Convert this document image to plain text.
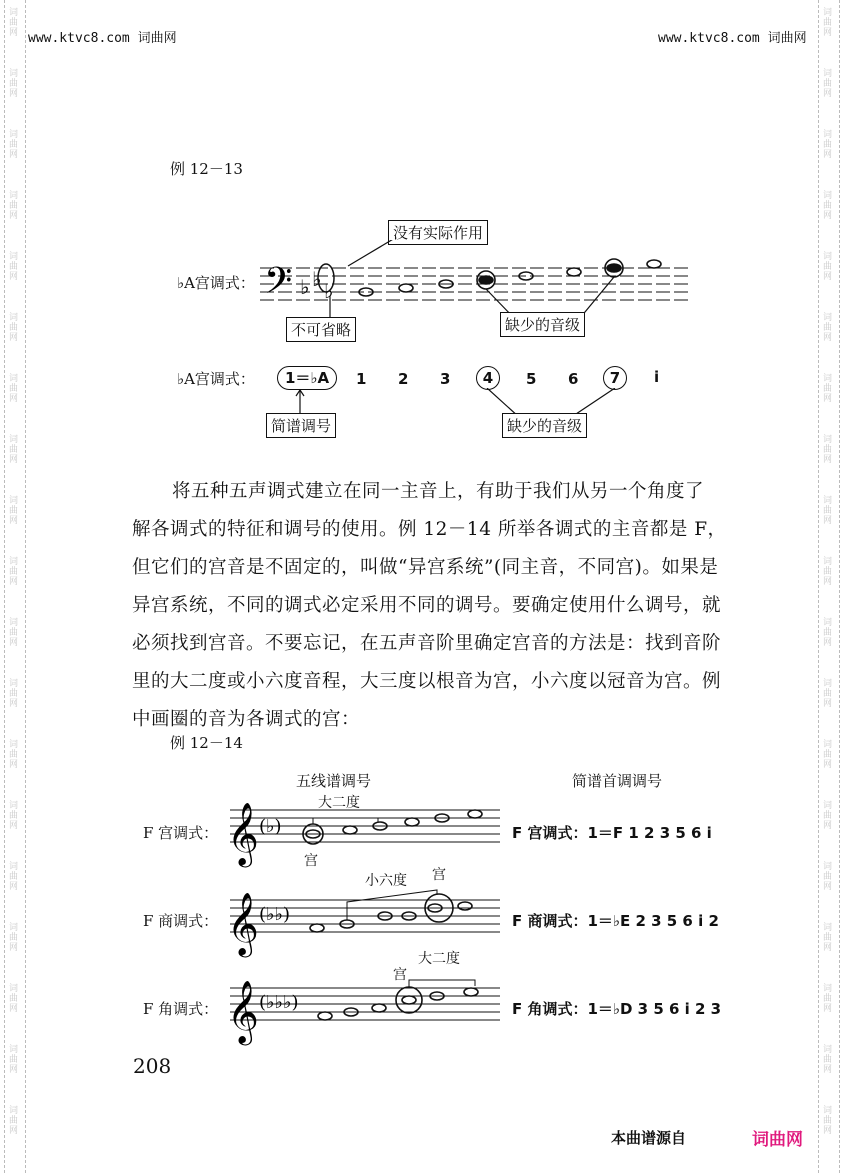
词
曲
网
词
曲
网
词
曲
网
词
曲
网
词
曲
网
词
曲
网
词
曲
网
词
曲
网
词
曲
网
词
曲
网
词
曲
网
词
曲
网
词
曲
网
词
曲
网
词
曲
网
词
曲
网
词
曲
网
词
曲
网
词
曲
网
词
曲
网
词
曲
网
词
曲
网
词
曲
网
词
曲
网
词
曲
网
词
曲
网
词
曲
网
词
曲
网
词
曲
网
词
曲
网
词
曲
网
词
曲
网
词
曲
网
词
曲
网
词
曲
网
词
曲
网
词
曲
网
词
曲
网
www.ktvc8.com 词曲网	www.ktvc8.com 词曲网
例 12－13
没有实际作用
♭A宫调式： 𝄢 ♭ ♭ ♭
不可省略	缺少的音级
♭A宫调式：	1＝♭A	1 2 3	4	5 6	7	i
简谱调号	缺少的音级
将五种五声调式建立在同一主音上，有助于我们从另一个角度了
解各调式的特征和调号的使用。例 12－14 所举各调式的主音都是 F，
但它们的宫音是不固定的，叫做“异宫系统”(同主音，不同宫)。如果是
异宫系统，不同的调式必定采用不同的调号。要确定使用什么调号，就
必须找到宫音。不要忘记，在五声音阶里确定宫音的方法是：找到音阶
里的大二度或小六度音程，大三度以根音为宫，小六度以冠音为宫。例
中画圈的音为各调式的宫：
例 12－14
五线谱调号	简谱首调调号
F 宫调式： 𝄞 (♭)
大二度
宫
F 宫调式：1＝F 1 2 3 5 6 i
F 商调式： 𝄞 (♭♭)
小六度 宫
F 商调式：1＝♭E 2 3 5 6 i 2
F 角调式： 𝄞 (♭♭♭)
大二度
宫
F 角调式：1＝♭D 3 5 6 i 2 3
208
本曲谱源自	词曲网
